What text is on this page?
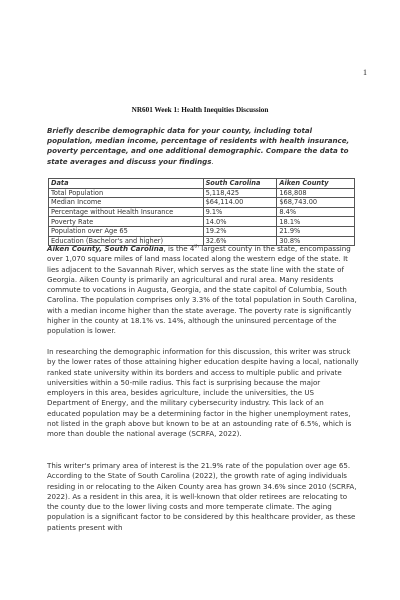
1
NR601 Week 1: Health Inequities Discussion
Briefly describe demographic data for your county, including total population, median income, percentage of residents with health insurance, poverty percentage, and one additional demographic. Compare the data to state averages and discuss your findings.
Data	South Carolina	Aiken County
Total Population	5,118,425	168,808
Median Income	$64,114.00	$68,743.00
Percentage without Health Insurance	9.1%	8.4%
Poverty Rate	14.0%	18.1%
Population over Age 65	19.2%	21.9%
Education (Bachelor's and higher)	32.6%	30.8%

Aiken County, South Carolina, is the 4th largest county in the state, encompassing over 1,070 square miles of land mass located along the western edge of the state. It lies adjacent to the Savannah River, which serves as the state line with the state of Georgia. Aiken County is primarily an agricultural and rural area. Many residents commute to vocations in Augusta, Georgia, and the state capitol of Columbia, South Carolina. The population comprises only 3.3% of the total population in South Carolina, with a median income higher than the state average. The poverty rate is significantly higher in the county at 18.1% vs. 14%, although the uninsured percentage of the population is lower.

In researching the demographic information for this discussion, this writer was struck by the lower rates of those attaining higher education despite having a local, nationally ranked state university within its borders and access to multiple public and private universities within a 50-mile radius. This fact is surprising because the major employers in this area, besides agriculture, include the universities, the US Department of Energy, and the military cybersecurity industry. This lack of an educated population may be a determining factor in the higher unemployment rates, not listed in the graph above but known to be at an astounding rate of 6.5%, which is more than double the national average (SCRFA, 2022).

This writer's primary area of interest is the 21.9% rate of the population over age 65. According to the State of South Carolina (2022), the growth rate of aging individuals residing in or relocating to the Aiken County area has grown 34.6% since 2010 (SCRFA, 2022). As a resident in this area, it is well-known that older retirees are relocating to the county due to the lower living costs and more temperate climate. The aging population is a significant factor to be considered by this healthcare provider, as these patients present with
